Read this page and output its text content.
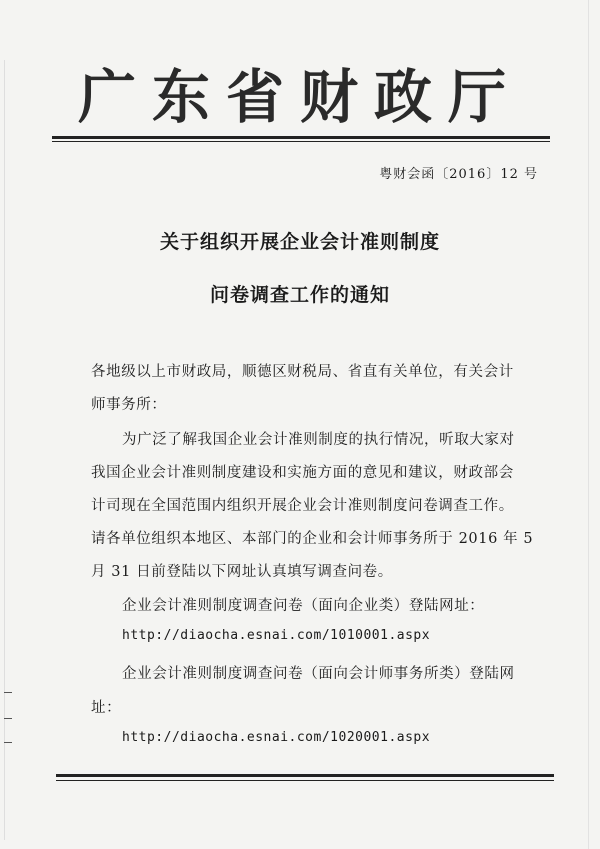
广东省财政厅
粤财会函〔2016〕12 号
关于组织开展企业会计准则制度
问卷调查工作的通知
各地级以上市财政局，顺德区财税局、省直有关单位，有关会计
师事务所：
为广泛了解我国企业会计准则制度的执行情况，听取大家对
我国企业会计准则制度建设和实施方面的意见和建议，财政部会
计司现在全国范围内组织开展企业会计准则制度问卷调查工作。
请各单位组织本地区、本部门的企业和会计师事务所于 2016 年 5
月 31 日前登陆以下网址认真填写调查问卷。
企业会计准则制度调查问卷（面向企业类）登陆网址：
http://diaocha.esnai.com/1010001.aspx
企业会计准则制度调查问卷（面向会计师事务所类）登陆网
址：
http://diaocha.esnai.com/1020001.aspx
